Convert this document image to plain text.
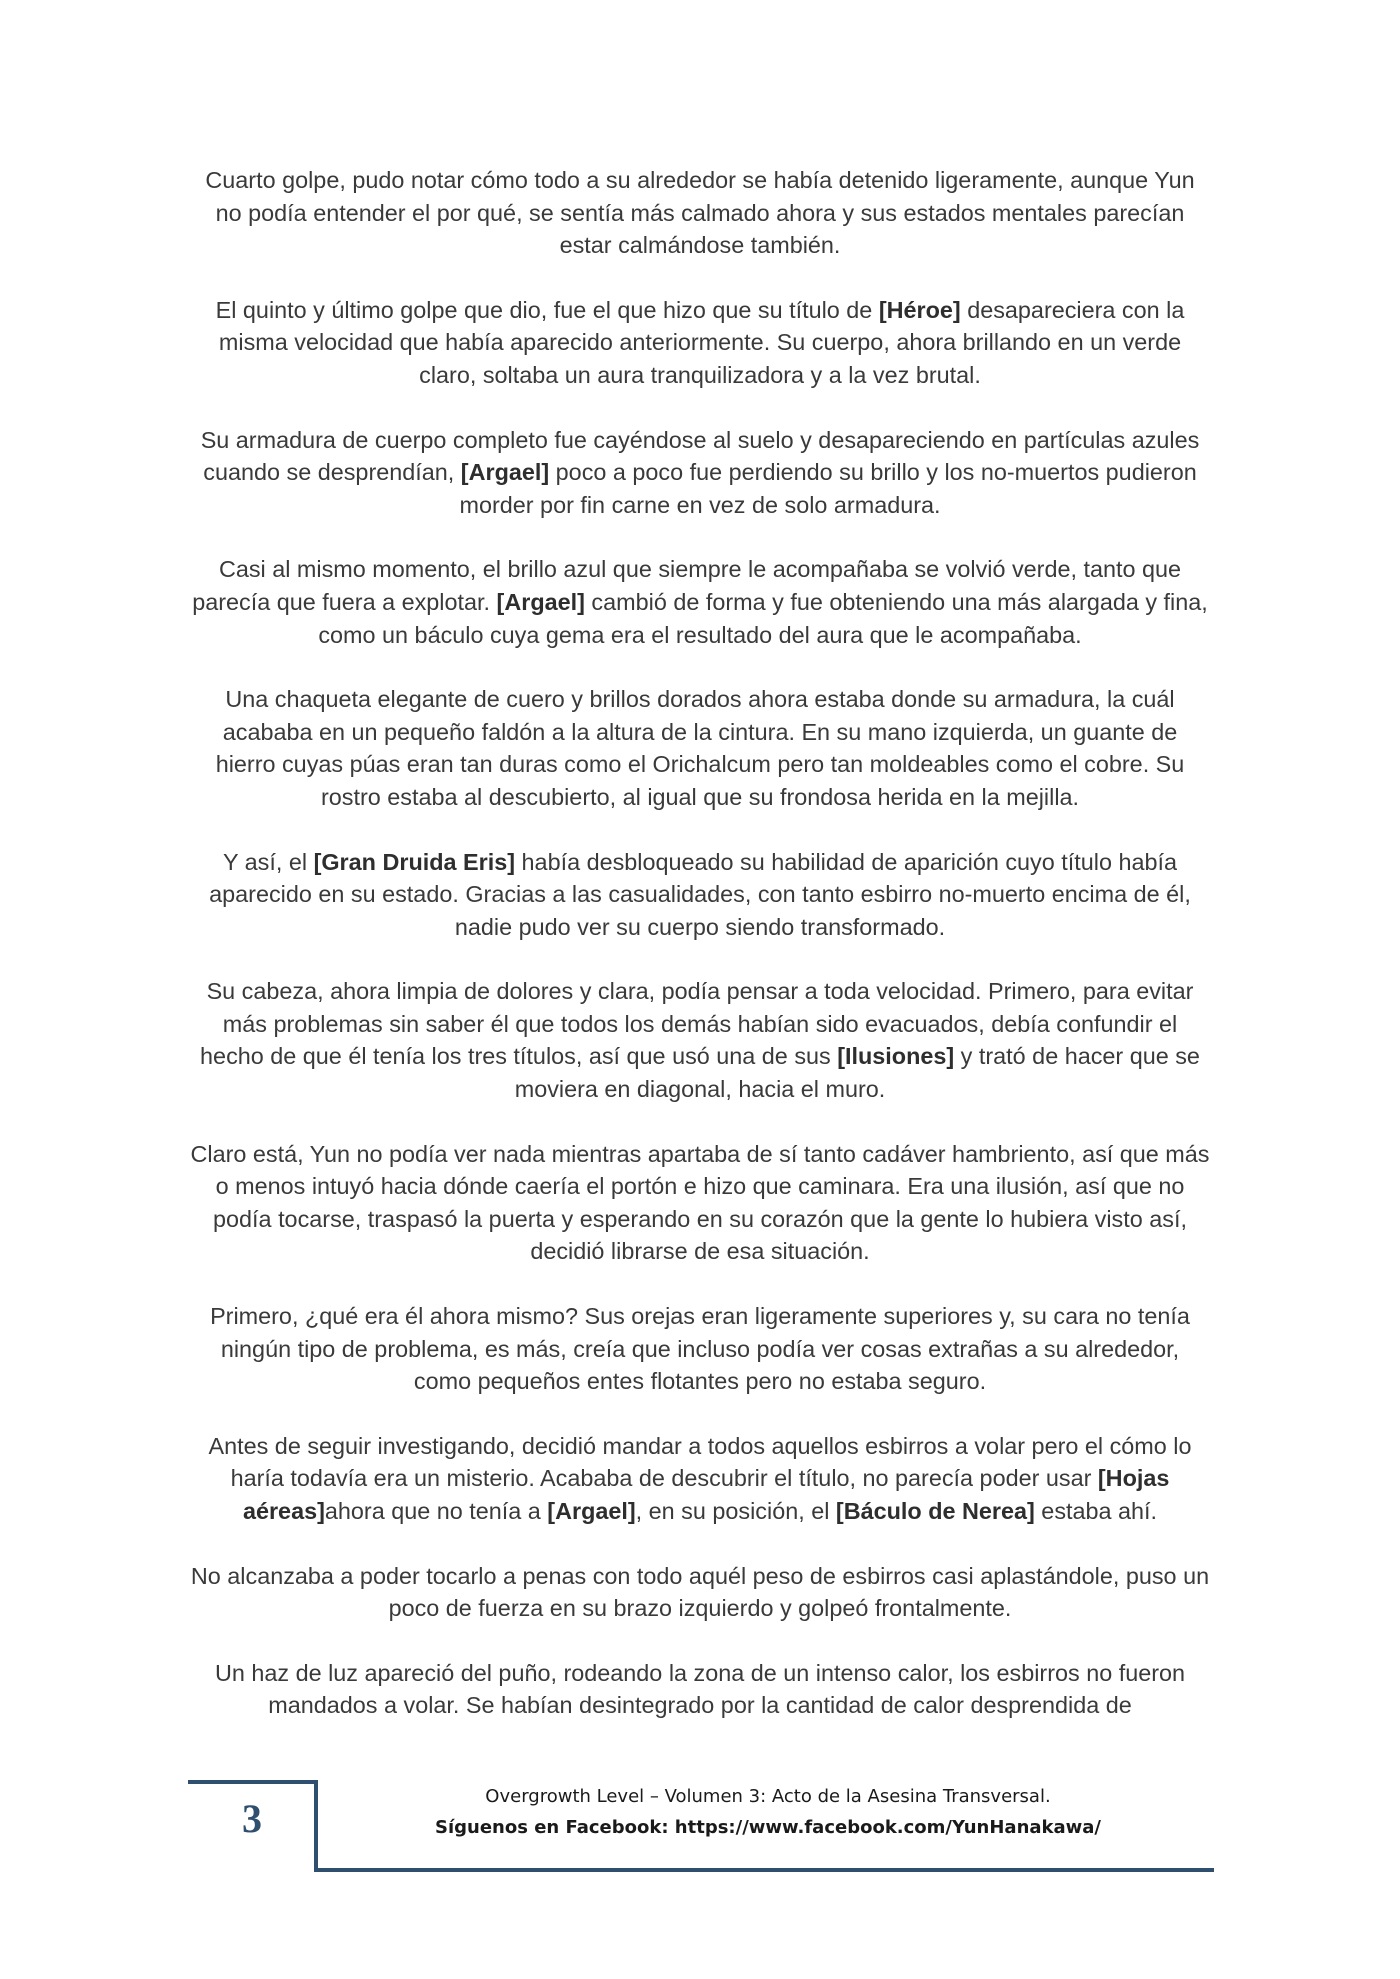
Cuarto golpe, pudo notar cómo todo a su alrededor se había detenido ligeramente, aunque Yun no podía entender el por qué, se sentía más calmado ahora y sus estados mentales parecían estar calmándose también.

El quinto y último golpe que dio, fue el que hizo que su título de [Héroe] desapareciera con la misma velocidad que había aparecido anteriormente. Su cuerpo, ahora brillando en un verde claro, soltaba un aura tranquilizadora y a la vez brutal.

Su armadura de cuerpo completo fue cayéndose al suelo y desapareciendo en partículas azules cuando se desprendían, [Argael] poco a poco fue perdiendo su brillo y los no-muertos pudieron morder por fin carne en vez de solo armadura.

Casi al mismo momento, el brillo azul que siempre le acompañaba se volvió verde, tanto que parecía que fuera a explotar. [Argael] cambió de forma y fue obteniendo una más alargada y fina, como un báculo cuya gema era el resultado del aura que le acompañaba.

Una chaqueta elegante de cuero y brillos dorados ahora estaba donde su armadura, la cuál acababa en un pequeño faldón a la altura de la cintura. En su mano izquierda, un guante de hierro cuyas púas eran tan duras como el Orichalcum pero tan moldeables como el cobre. Su rostro estaba al descubierto, al igual que su frondosa herida en la mejilla.

Y así, el [Gran Druida Eris] había desbloqueado su habilidad de aparición cuyo título había aparecido en su estado. Gracias a las casualidades, con tanto esbirro no-muerto encima de él, nadie pudo ver su cuerpo siendo transformado.

Su cabeza, ahora limpia de dolores y clara, podía pensar a toda velocidad. Primero, para evitar más problemas sin saber él que todos los demás habían sido evacuados, debía confundir el hecho de que él tenía los tres títulos, así que usó una de sus [Ilusiones] y trató de hacer que se moviera en diagonal, hacia el muro.

Claro está, Yun no podía ver nada mientras apartaba de sí tanto cadáver hambriento, así que más o menos intuyó hacia dónde caería el portón e hizo que caminara. Era una ilusión, así que no podía tocarse, traspasó la puerta y esperando en su corazón que la gente lo hubiera visto así, decidió librarse de esa situación.

Primero, ¿qué era él ahora mismo? Sus orejas eran ligeramente superiores y, su cara no tenía ningún tipo de problema, es más, creía que incluso podía ver cosas extrañas a su alrededor, como pequeños entes flotantes pero no estaba seguro.

Antes de seguir investigando, decidió mandar a todos aquellos esbirros a volar pero el cómo lo haría todavía era un misterio. Acababa de descubrir el título, no parecía poder usar [Hojas aéreas]ahora que no tenía a [Argael], en su posición, el [Báculo de Nerea] estaba ahí.

No alcanzaba a poder tocarlo a penas con todo aquél peso de esbirros casi aplastándole, puso un poco de fuerza en su brazo izquierdo y golpeó frontalmente.

Un haz de luz apareció del puño, rodeando la zona de un intenso calor, los esbirros no fueron mandados a volar. Se habían desintegrado por la cantidad de calor desprendida de

3	Overgrowth Level – Volumen 3: Acto de la Asesina Transversal.
Síguenos en Facebook: https://www.facebook.com/YunHanakawa/
